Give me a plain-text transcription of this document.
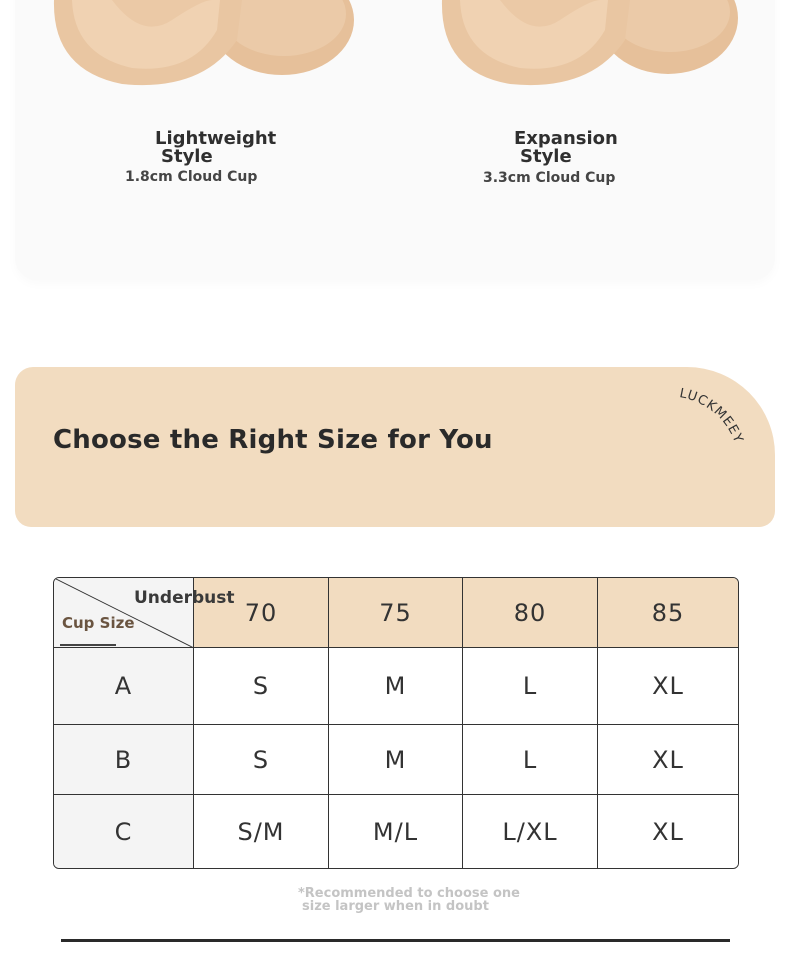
Lightweight
Style
1.8cm Cloud Cup
Expansion
Style
3.3cm Cloud Cup
Choose the Right Size for You
LUCKMEEY
Underbust
Cup Size	70	75	80	85
A	S	M	L	XL
B	S	M	L	XL
C	S/M	M/L	L/XL	XL
*Recommended to choose one
size larger when in doubt
